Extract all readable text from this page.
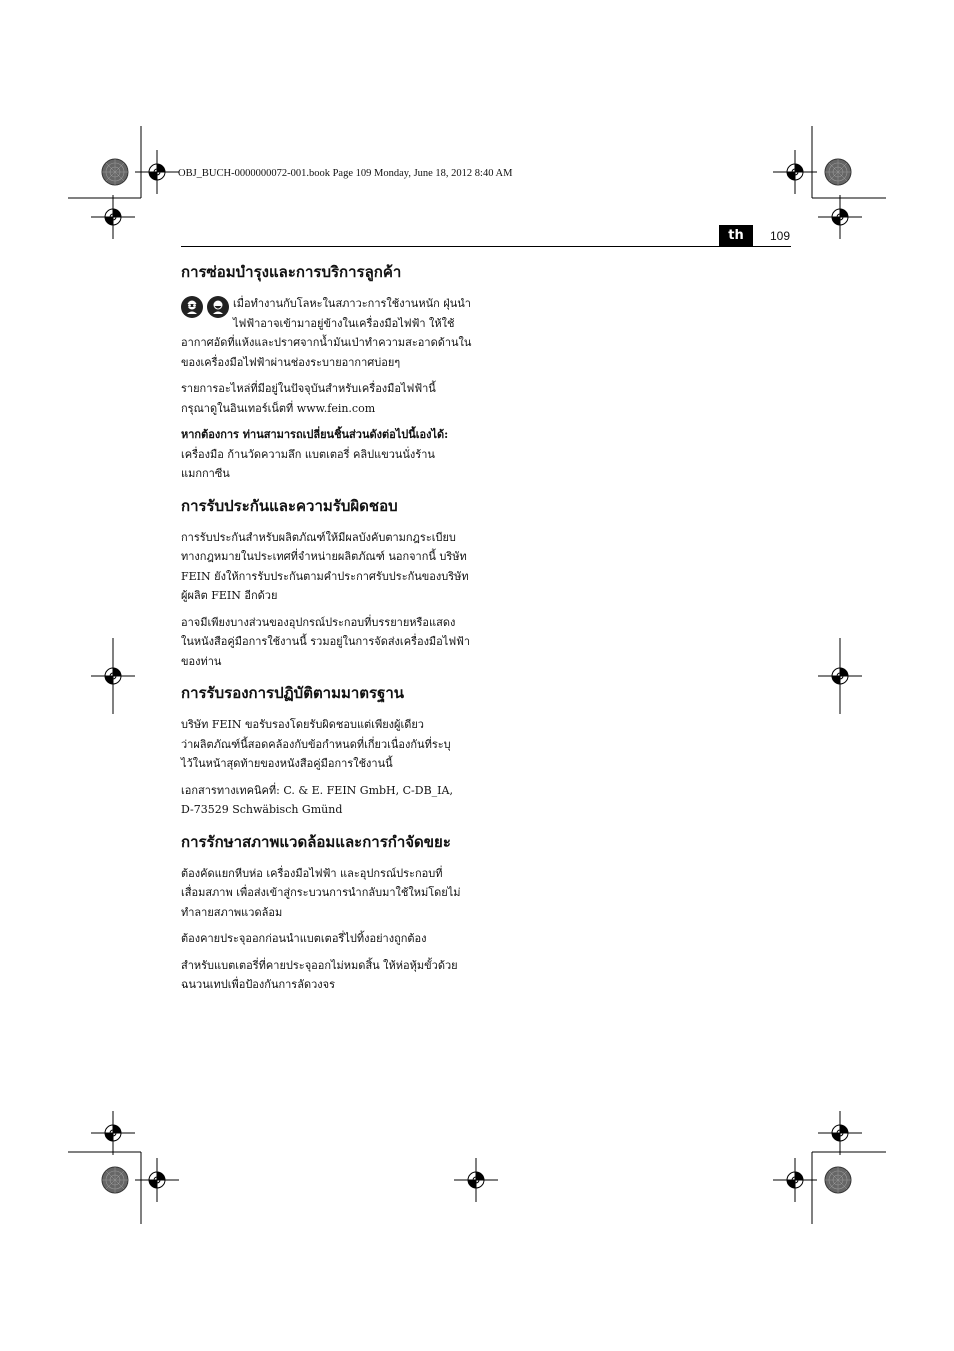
OBJ_BUCH-0000000072-001.book Page 109 Monday, June 18, 2012 8:40 AM
th	109
การซ่อมบำรุงและการบริการลูกค้า

เมื่อทำงานกับโลหะในสภาวะการใช้งานหนัก ฝุ่นนำ
ไฟฟ้าอาจเข้ามาอยู่ข้างในเครื่องมือไฟฟ้า ให้ใช้

อากาศอัดที่แห้งและปราศจากน้ำมันเป่าทำความสะอาดด้านใน
ของเครื่องมือไฟฟ้าผ่านช่องระบายอากาศบ่อยๆ

รายการอะไหล่ที่มีอยู่ในปัจจุบันสำหรับเครื่องมือไฟฟ้านี้
กรุณาดูในอินเทอร์เน็ตที่ www.fein.com

หากต้องการ ท่านสามารถเปลี่ยนชิ้นส่วนดังต่อไปนี้เองได้:
เครื่องมือ ก้านวัดความลึก แบตเตอรี่ คลิปแขวนนั่งร้าน
แมกกาซีน

การรับประกันและความรับผิดชอบ

การรับประกันสำหรับผลิตภัณฑ์ให้มีผลบังคับตามกฎระเบียบ
ทางกฎหมายในประเทศที่จำหน่ายผลิตภัณฑ์ นอกจากนี้ บริษัท
FEIN ยังให้การรับประกันตามคำประกาศรับประกันของบริษัท
ผู้ผลิต FEIN อีกด้วย

อาจมีเพียงบางส่วนของอุปกรณ์ประกอบที่บรรยายหรือแสดง
ในหนังสือคู่มือการใช้งานนี้ รวมอยู่ในการจัดส่งเครื่องมือไฟฟ้า
ของท่าน

การรับรองการปฏิบัติตามมาตรฐาน

บริษัท FEIN ขอรับรองโดยรับผิดชอบแต่เพียงผู้เดียว
ว่าผลิตภัณฑ์นี้สอดคล้องกับข้อกำหนดที่เกี่ยวเนื่องกันที่ระบุ
ไว้ในหน้าสุดท้ายของหนังสือคู่มือการใช้งานนี้

เอกสารทางเทคนิคที่: C. & E. FEIN GmbH, C-DB_IA,
D-73529 Schwäbisch Gmünd

การรักษาสภาพแวดล้อมและการกำจัดขยะ

ต้องคัดแยกหีบห่อ เครื่องมือไฟฟ้า และอุปกรณ์ประกอบที่
เสื่อมสภาพ เพื่อส่งเข้าสู่กระบวนการนำกลับมาใช้ใหม่โดยไม่
ทำลายสภาพแวดล้อม

ต้องคายประจุออกก่อนนำแบตเตอรี่ไปทิ้งอย่างถูกต้อง

สำหรับแบตเตอรี่ที่คายประจุออกไม่หมดสิ้น ให้ห่อหุ้มขั้วด้วย
ฉนวนเทปเพื่อป้องกันการลัดวงจร
